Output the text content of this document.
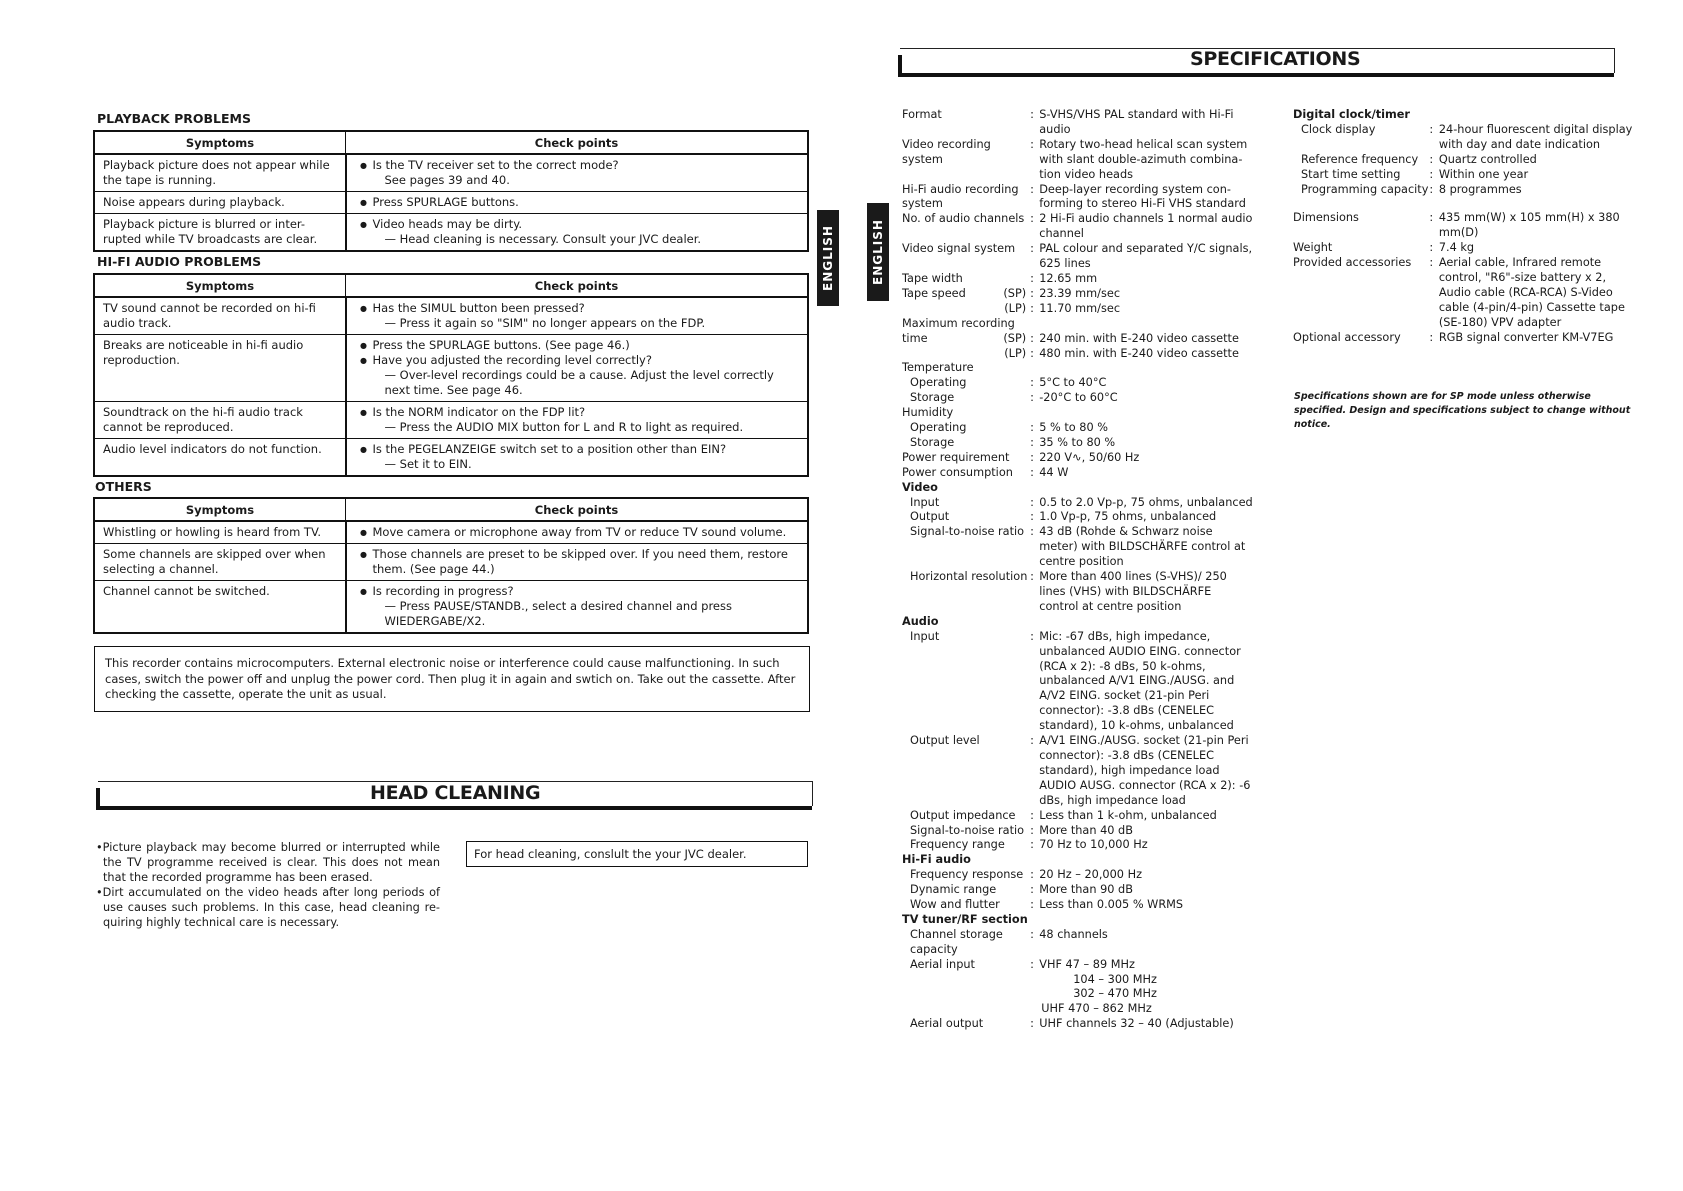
PLAYBACK PROBLEMS
Symptoms	Check points
Playback picture does not appear while the tape is running.	● Is the TV receiver set to the correct mode?
See pages 39 and 40.

Noise appears during playback.	● Press SPURLAGE buttons.

Playback picture is blurred or inter-rupted while TV broadcasts are clear.	● Video heads may be dirty.
— Head cleaning is necessary. Consult your JVC dealer.
HI-FI AUDIO PROBLEMS
Symptoms	Check points
TV sound cannot be recorded on hi-fi audio track.	● Has the SIMUL button been pressed?
— Press it again so "SIM" no longer appears on the FDP.

Breaks are noticeable in hi-fi audio reproduction.	● Press the SPURLAGE buttons. (See page 46.)
● Have you adjusted the recording level correctly?
— Over-level recordings could be a cause. Adjust the level correctly next time. See page 46.

Soundtrack on the hi-fi audio track cannot be reproduced.	● Is the NORM indicator on the FDP lit?
— Press the AUDIO MIX button for L and R to light as required.

Audio level indicators do not function.	● Is the PEGELANZEIGE switch set to a position other than EIN?
— Set it to EIN.
OTHERS
Symptoms	Check points
Whistling or howling is heard from TV.	● Move camera or microphone away from TV or reduce TV sound volume.

Some channels are skipped over when selecting a channel.	● Those channels are preset to be skipped over. If you need them, restore them. (See page 44.)

Channel cannot be switched.	● Is recording in progress?
— Press PAUSE/STANDB., select a desired channel and press WIEDERGABE/X2.
This recorder contains microcomputers. External electronic noise or interference could cause malfunctioning. In such cases, switch the power off and unplug the power cord. Then plug it in again and swtich on. Take out the cassette. After checking the cassette, operate the unit as usual.
HEAD CLEANING
•Picture playback may become blurred or interrupted while the TV programme received is clear. This does not mean that the recorded programme has been erased.
•Dirt accumulated on the video heads after long periods of use causes such problems. In this case, head cleaning re-quiring highly technical care is necessary.
For head cleaning, conslult the your JVC dealer.
ENGLISH	ENGLISH
SPECIFICATIONS
Format	:	S-VHS/VHS PAL standard with Hi-Fi audio
Video recording system	:	Rotary two-head helical scan system with slant double-azimuth combina-tion video heads
Hi-Fi audio recording system	:	Deep-layer recording system con-forming to stereo Hi-Fi VHS standard
No. of audio channels	:	2 Hi-Fi audio channels 1 normal audio channel
Video signal system	:	PAL colour and separated Y/C signals, 625 lines
Tape width	:	12.65 mm
Tape speed (SP)	:	23.39 mm/sec

(LP)	:	11.70 mm/sec
Maximum recording		
time (SP)	:	240 min. with E-240 video cassette

(LP)	:	480 min. with E-240 video cassette
Temperature		
Operating	:	5°C to 40°C
Storage	:	-20°C to 60°C
Humidity		
Operating	:	5 % to 80 %
Storage	:	35 % to 80 %
Power requirement	:	220 V∿, 50/60 Hz
Power consumption	:	44 W
Video		
Input	:	0.5 to 2.0 Vp-p, 75 ohms, unbalanced
Output	:	1.0 Vp-p, 75 ohms, unbalanced
Signal-to-noise ratio	:	43 dB (Rohde & Schwarz noise meter) with BILDSCHÄRFE control at centre position
Horizontal resolution	:	More than 400 lines (S-VHS)/ 250 lines (VHS) with BILDSCHÄRFE control at centre position
Audio		
Input	:	Mic: -67 dBs, high impedance, unbalanced AUDIO EING. connector (RCA x 2): -8 dBs, 50 k-ohms, unbalanced A/V1 EING./AUSG. and A/V2 EING. socket (21-pin Peri connector): -3.8 dBs (CENELEC standard), 10 k-ohms, unbalanced
Output level	:	A/V1 EING./AUSG. socket (21-pin Peri connector): -3.8 dBs (CENELEC standard), high impedance load AUDIO AUSG. connector (RCA x 2): -6 dBs, high impedance load
Output impedance	:	Less than 1 k-ohm, unbalanced
Signal-to-noise ratio	:	More than 40 dB
Frequency range	:	70 Hz to 10,000 Hz
Hi-Fi audio		
Frequency response	:	20 Hz – 20,000 Hz
Dynamic range	:	More than 90 dB
Wow and flutter	:	Less than 0.005 % WRMS
TV tuner/RF section		
Channel storage capacity	:	48 channels
Aerial input	:	VHF 47 – 89 MHz
		104 – 300 MHz
		302 – 470 MHz
		UHF 470 – 862 MHz
Aerial output	:	UHF channels 32 – 40 (Adjustable)
Digital clock/timer		
Clock display	:	24-hour fluorescent digital display with day and date indication
Reference frequency	:	Quartz controlled
Start time setting	:	Within one year
Programming capacity	:	8 programmes

Dimensions	:	435 mm(W) x 105 mm(H) x 380 mm(D)
Weight	:	7.4 kg
Provided accessories	:	Aerial cable, Infrared remote control, "R6"-size battery x 2, Audio cable (RCA-RCA) S-Video cable (4-pin/4-pin) Cassette tape (SE-180) VPV adapter
Optional accessory	:	RGB signal converter KM-V7EG
Specifications shown are for SP mode unless otherwise specified. Design and specifications subject to change without notice.
